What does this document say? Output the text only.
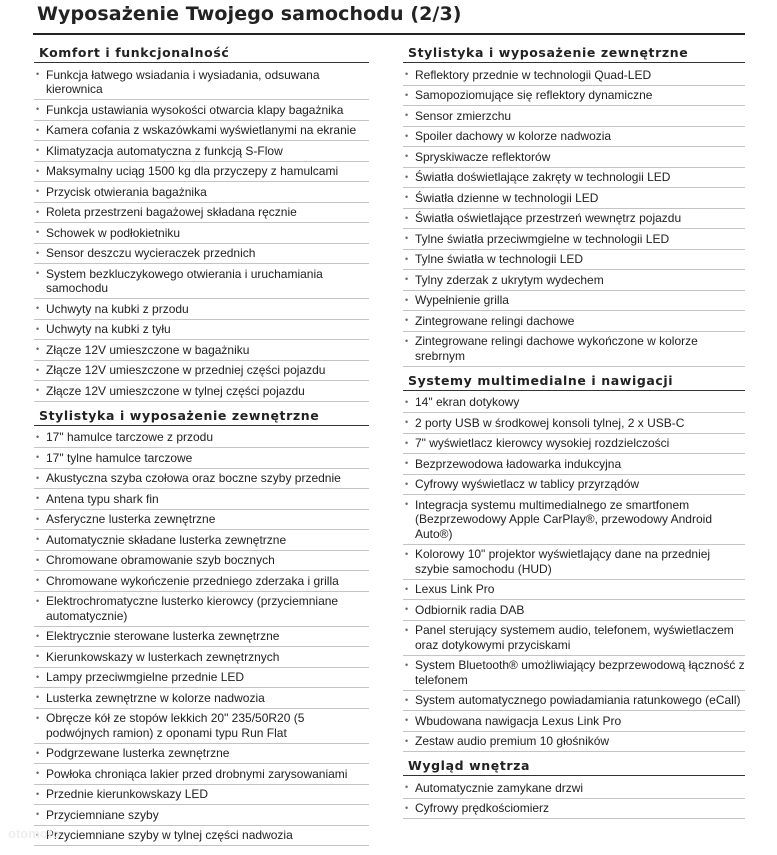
Wyposażenie Twojego samochodu (2/3)
Komfort i funkcjonalność
• Funkcja łatwego wsiadania i wysiadania, odsuwana kierownica
• Funkcja ustawiania wysokości otwarcia klapy bagażnika
• Kamera cofania z wskazówkami wyświetlanymi na ekranie
• Klimatyzacja automatyczna z funkcją S-Flow
• Maksymalny uciąg 1500 kg dla przyczepy z hamulcami
• Przycisk otwierania bagażnika
• Roleta przestrzeni bagażowej składana ręcznie
• Schowek w podłokietniku
• Sensor deszczu wycieraczek przednich
• System bezkluczykowego otwierania i uruchamiania samochodu
• Uchwyty na kubki z przodu
• Uchwyty na kubki z tyłu
• Złącze 12V umieszczone w bagażniku
• Złącze 12V umieszczone w przedniej części pojazdu
• Złącze 12V umieszczone w tylnej części pojazdu
Stylistyka i wyposażenie zewnętrzne
• 17" hamulce tarczowe z przodu
• 17" tylne hamulce tarczowe
• Akustyczna szyba czołowa oraz boczne szyby przednie
• Antena typu shark fin
• Asferyczne lusterka zewnętrzne
• Automatycznie składane lusterka zewnętrzne
• Chromowane obramowanie szyb bocznych
• Chromowane wykończenie przedniego zderzaka i grilla
• Elektrochromatyczne lusterko kierowcy (przyciemniane automatycznie)
• Elektrycznie sterowane lusterka zewnętrzne
• Kierunkowskazy w lusterkach zewnętrznych
• Lampy przeciwmgielne przednie LED
• Lusterka zewnętrzne w kolorze nadwozia
• Obręcze kół ze stopów lekkich 20" 235/50R20 (5 podwójnych ramion) z oponami typu Run Flat
• Podgrzewane lusterka zewnętrzne
• Powłoka chroniąca lakier przed drobnymi zarysowaniami
• Przednie kierunkowskazy LED
• Przyciemniane szyby
• Przyciemniane szyby w tylnej części nadwozia
Stylistyka i wyposażenie zewnętrzne
• Reflektory przednie w technologii Quad-LED
• Samopoziomujące się reflektory dynamiczne
• Sensor zmierzchu
• Spoiler dachowy w kolorze nadwozia
• Spryskiwacze reflektorów
• Światła doświetlające zakręty w technologii LED
• Światła dzienne w technologii LED
• Światła oświetlające przestrzeń wewnętrz pojazdu
• Tylne światła przeciwmgielne w technologii LED
• Tylne światła w technologii LED
• Tylny zderzak z ukrytym wydechem
• Wypełnienie grilla
• Zintegrowane relingi dachowe
• Zintegrowane relingi dachowe wykończone w kolorze srebrnym
Systemy multimedialne i nawigacji
• 14" ekran dotykowy
• 2 porty USB w środkowej konsoli tylnej, 2 x USB-C
• 7" wyświetlacz kierowcy wysokiej rozdzielczości
• Bezprzewodowa ładowarka indukcyjna
• Cyfrowy wyświetlacz w tablicy przyrządów
• Integracja systemu multimedialnego ze smartfonem (Bezprzewodowy Apple CarPlay®, przewodowy Android Auto®)
• Kolorowy 10" projektor wyświetlający dane na przedniej szybie samochodu (HUD)
• Lexus Link Pro
• Odbiornik radia DAB
• Panel sterujący systemem audio, telefonem, wyświetlaczem oraz dotykowymi przyciskami
• System Bluetooth® umożliwiający bezprzewodową łączność z telefonem
• System automatycznego powiadamiania ratunkowego (eCall)
• Wbudowana nawigacja Lexus Link Pro
• Zestaw audio premium 10 głośników
Wygląd wnętrza
• Automatycznie zamykane drzwi
• Cyfrowy prędkościomierz
otomoto
